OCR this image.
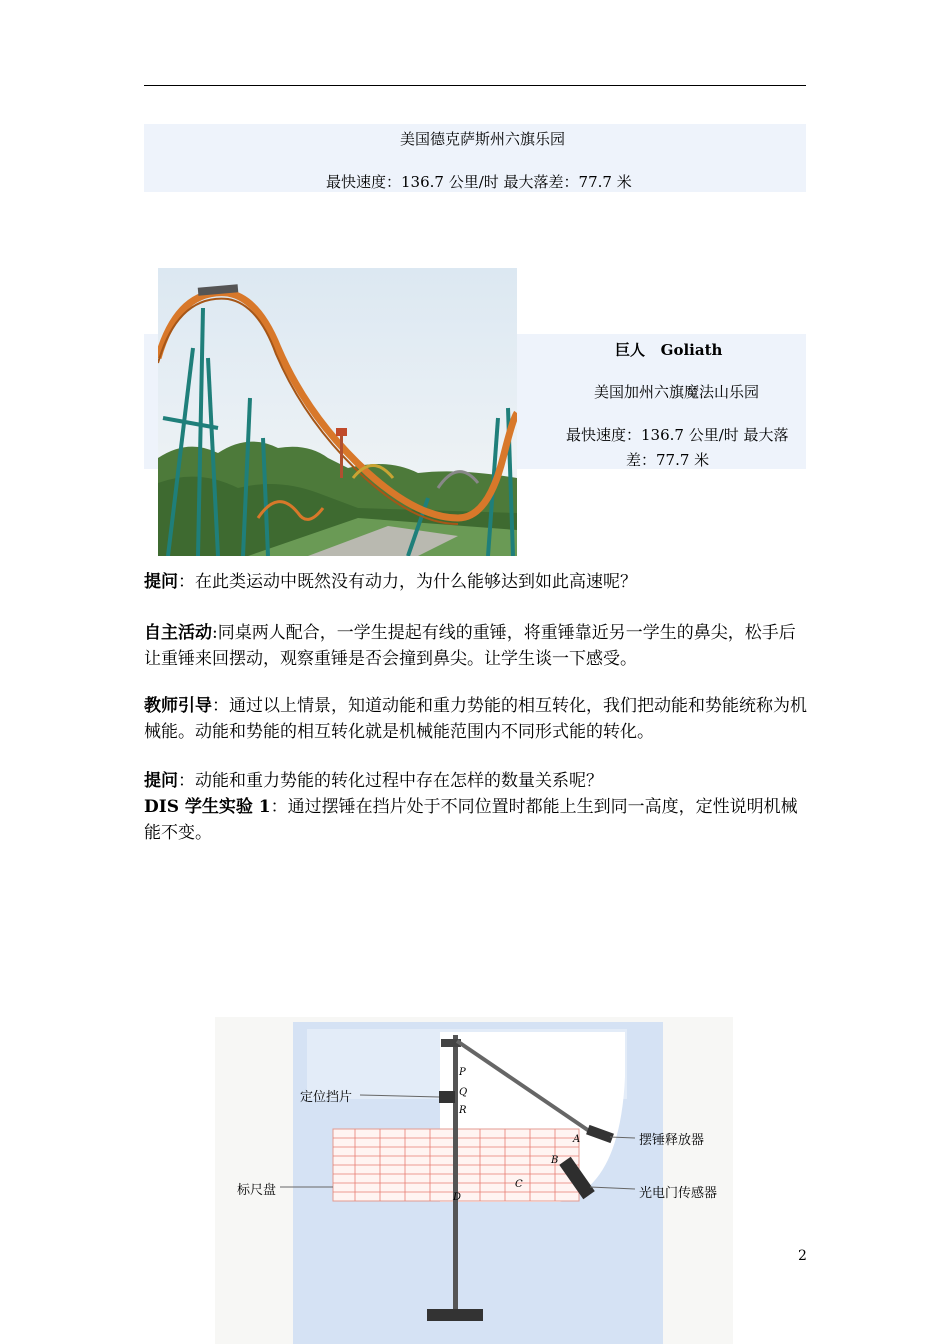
美国德克萨斯州六旗乐园
最快速度：136.7 公里/时 最大落差：77.7 米
巨人   Goliath
美国加州六旗魔法山乐园
最快速度：136.7 公里/时 最大落
差：77.7 米
提问：在此类运动中既然没有动力，为什么能够达到如此高速呢？
自主活动:同桌两人配合，一学生提起有线的重锤，将重锤靠近另一学生的鼻尖，松手后让重锤来回摆动，观察重锤是否会撞到鼻尖。让学生谈一下感受。
教师引导：通过以上情景，知道动能和重力势能的相互转化，我们把动能和势能统称为机械能。动能和势能的相互转化就是机械能范围内不同形式能的转化。
提问：动能和重力势能的转化过程中存在怎样的数量关系呢？
DIS 学生实验 1：通过摆锤在挡片处于不同位置时都能上生到同一高度，定性说明机械能不变。
定位挡片
标尺盘
摆锤释放器
光电门传感器
P
Q
R
A
B
C
D
2
